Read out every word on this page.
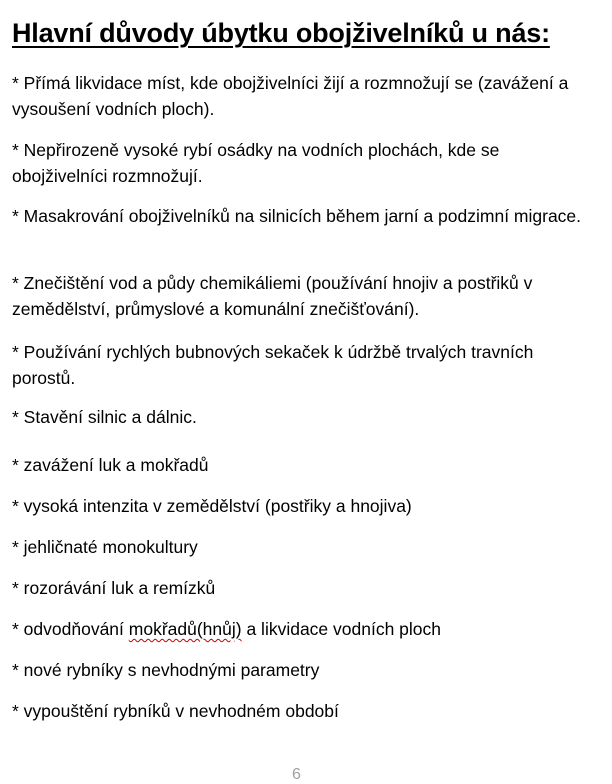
Hlavní důvody úbytku obojživelníků u nás:
* Přímá likvidace míst, kde obojživelníci žijí a rozmnožují se (zavážení a vysoušení vodních ploch).
* Nepřirozeně vysoké rybí osádky na vodních plochách, kde se obojživelníci rozmnožují.
* Masakrování obojživelníků na silnicích během jarní a podzimní migrace.
* Znečištění vod a půdy chemikáliemi (používání hnojiv a postřiků v zemědělství, průmyslové a komunální znečišťování).
* Používání rychlých bubnových sekaček k údržbě trvalých travních porostů.
* Stavění silnic a dálnic.
* zavážení luk a mokřadů
* vysoká intenzita v zemědělství (postřiky a hnojiva)
* jehličnaté monokultury
* rozorávání luk a remízků
* odvodňování mokřadů(hnůj) a likvidace vodních ploch
* nové rybníky s nevhodnými parametry
* vypouštění rybníků v nevhodném období
6
